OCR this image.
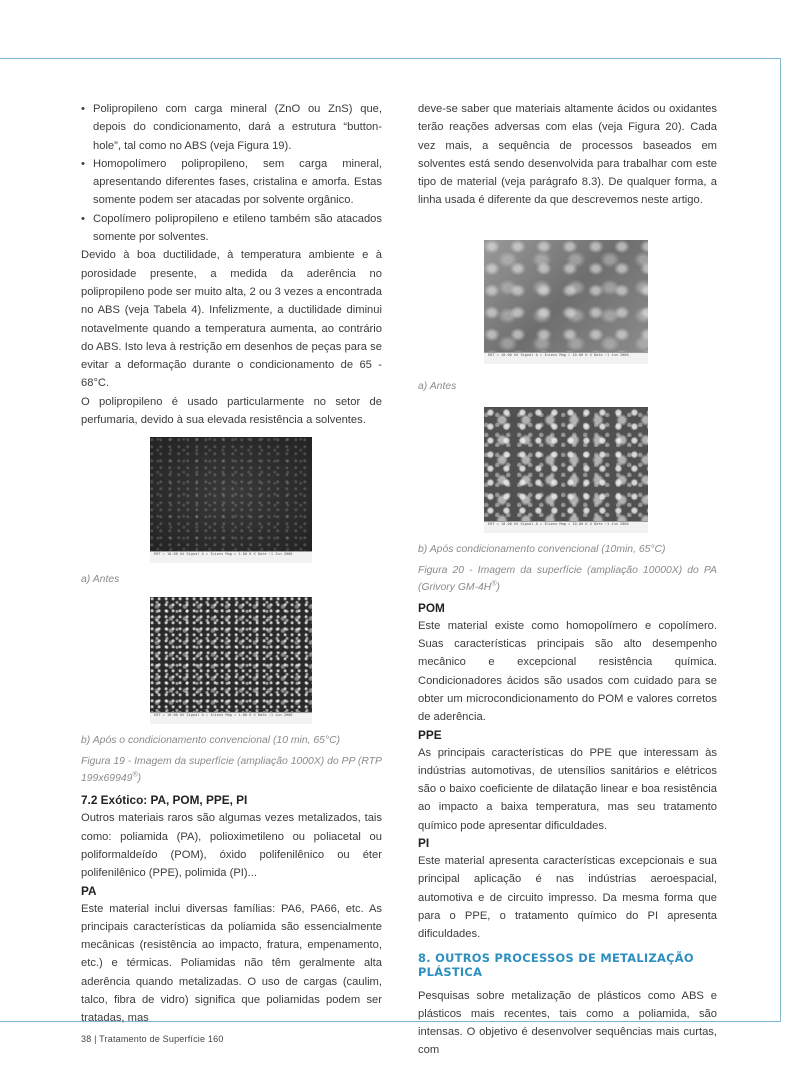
• Polipropileno com carga mineral (ZnO ou ZnS) que, depois do condicionamento, dará a estrutura “button-hole”, tal como no ABS (veja Figura 19).
• Homopolímero polipropileno, sem carga mineral, apresentando diferentes fases, cristalina e amorfa. Estas somente podem ser atacadas por solvente orgânico.
• Copolímero polipropileno e etileno também são atacados somente por solventes.

Devido à boa ductilidade, à temperatura ambiente e à porosidade presente, a medida da aderência no polipropileno pode ser muito alta, 2 ou 3 vezes a encontrada no ABS (veja Tabela 4). Infelizmente, a ductilidade diminui notavelmente quando a temperatura aumenta, ao contrário do ABS. Isto leva à restrição em desenhos de peças para se evitar a deformação durante o condicionamento de 65 - 68°C.

O polipropileno é usado particularmente no setor de perfumaria, devido à sua elevada resistência a solventes.

EHT = 10.00 kV Signal A = InLens Mag = 1.00 K X Date :1 Jun 2006
a) Antes
EHT = 10.00 kV Signal A = InLens Mag = 1.00 K X Date :1 Jun 2006
b) Após o condicionamento convencional (10 min, 65°C)
Figura 19 - Imagem da superfície (ampliação 1000X) do PP (RTP 199x69949®)
7.2 Exótico: PA, POM, PPE, PI

Outros materiais raros são algumas vezes metalizados, tais como: poliamida (PA), polioximetileno ou poliacetal ou poliformaldeído (POM), óxido polifenilênico ou éter polifenilênico (PPE), polimida (PI)...

PA

Este material inclui diversas famílias: PA6, PA66, etc. As principais características da poliamida são essencialmente mecânicas (resistência ao impacto, fratura, empenamento, etc.) e térmicas. Poliamidas não têm geralmente alta aderência quando metalizadas. O uso de cargas (caulim, talco, fibra de vidro) significa que poliamidas podem ser tratadas, mas

deve-se saber que materiais altamente ácidos ou oxidantes terão reações adversas com elas (veja Figura 20). Cada vez mais, a sequência de processos baseados em solventes está sendo desenvolvida para trabalhar com este tipo de material (veja parágrafo 8.3). De qualquer forma, a linha usada é diferente da que descrevemos neste artigo.

EHT = 10.00 kV Signal A = InLens Mag = 10.00 K X Date :1 Jun 2006
a) Antes
EHT = 10.00 kV Signal A = InLens Mag = 10.00 K X Date :1 Jun 2006
b) Após condicionamento convencional (10min, 65°C)
Figura 20 - Imagem da superfície (ampliação 10000X) do PA (Grivory GM-4H®)
POM

Este material existe como homopolímero e copolímero. Suas características principais são alto desempenho mecânico e excepcional resistência química. Condicionadores ácidos são usados com cuidado para se obter um microcondicionamento do POM e valores corretos de aderência.

PPE

As principais características do PPE que interessam às indústrias automotivas, de utensílios sanitários e elétricos são o baixo coeficiente de dilatação linear e boa resistência ao impacto a baixa temperatura, mas seu tratamento químico pode apresentar dificuldades.

PI

Este material apresenta características excepcionais e sua principal aplicação é nas indústrias aeroespacial, automotiva e de circuito impresso. Da mesma forma que para o PPE, o tratamento químico do PI apresenta dificuldades.

8. OUTROS PROCESSOS DE METALIZAÇÃO PLÁSTICA

Pesquisas sobre metalização de plásticos como ABS e plásticos mais recentes, tais como a poliamida, são intensas. O objetivo é desenvolver sequências mais curtas, com

38 | Tratamento de Superfície 160
